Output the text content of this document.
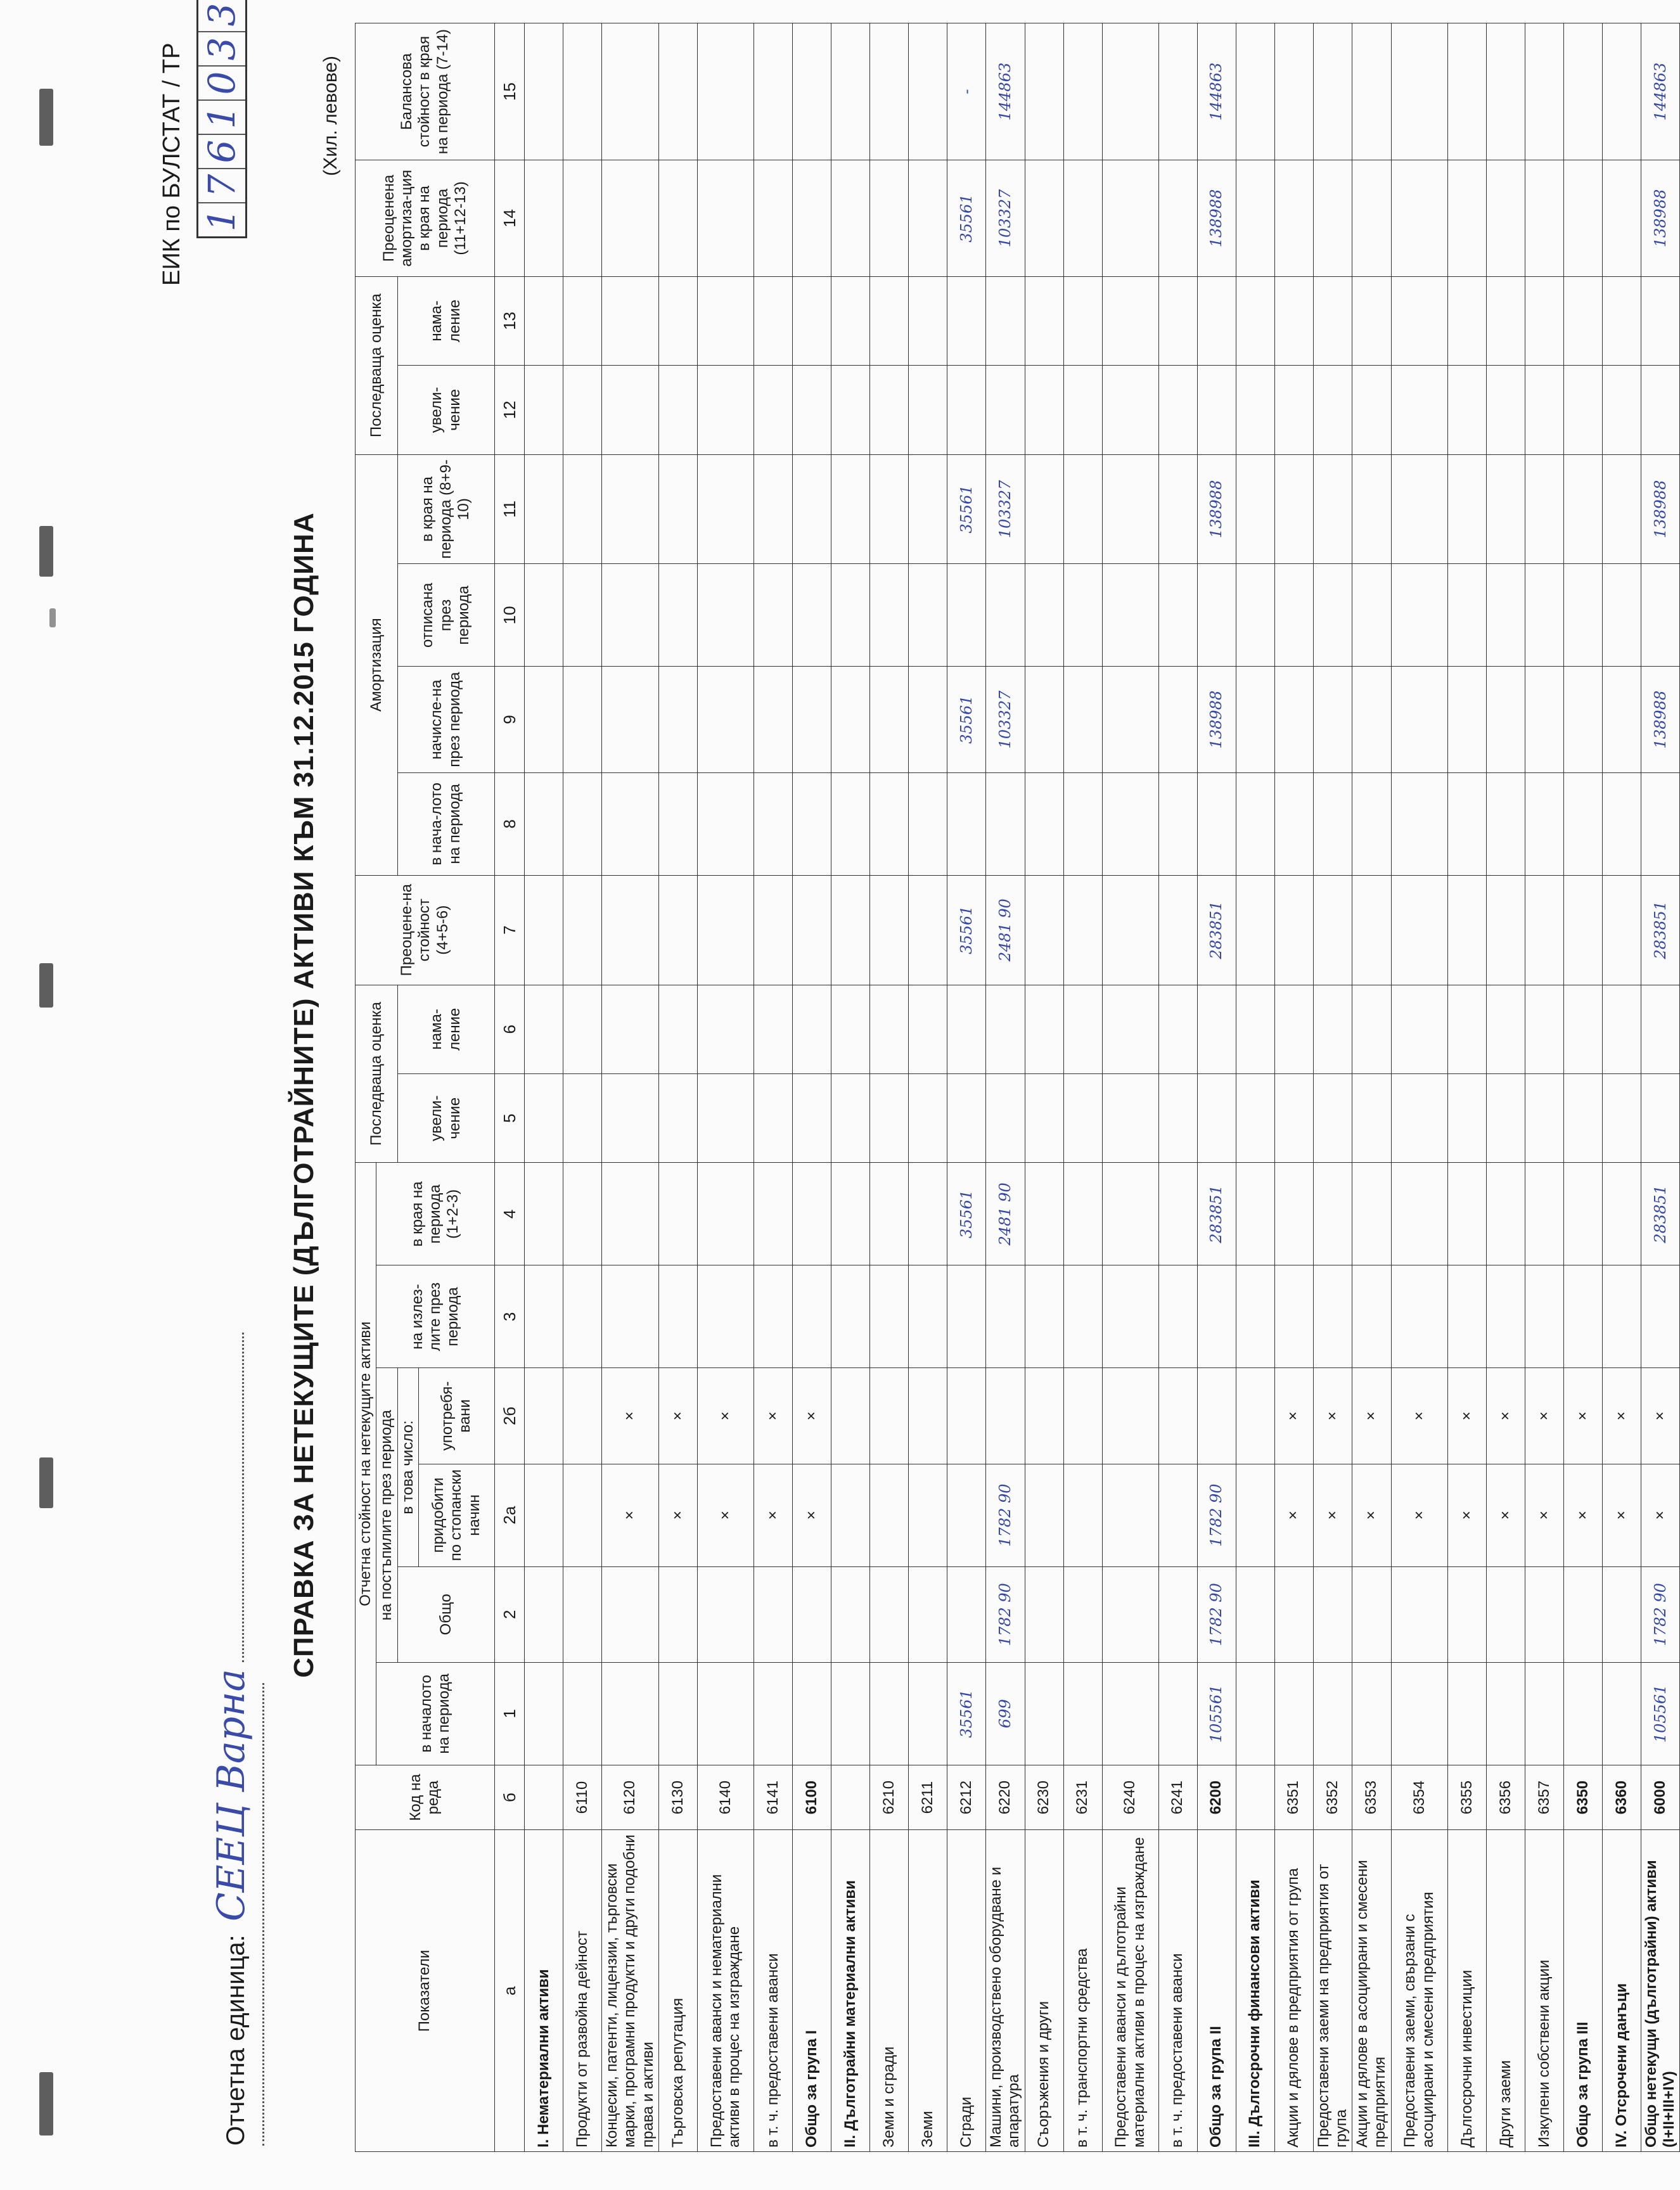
Отчетна единица: СЕЕЦ Варна
ЕИК по БУЛСТАТ / ТР 1
7
6
1
0
3
3
СПРАВКА ЗА НЕТЕКУЩИТЕ (ДЪЛГОТРАЙНИТЕ) АКТИВИ КЪМ 31.12.2015 ГОДИНА
(Хил. левове)
Показатели	Код на реда	Отчетна стойност на нетекущите активи						Последваща оценка		Преоцене-на стойност (4+5-6)	Амортизация				Последваща оценка		Преоценена амортиза-ция в края на периода (11+12-13)	Балансова стойност в края на периода (7-14)
		в началото на периода	на постъпилите през периода			на излез-лите през периода	в края на периода (1+2-3)											
			Общо	в това число:				увели-чение	нама-ление		в нача-лото на периода	начисле-на през периода	отписана през периода	в края на периода (8+9-10)	увели-чение	нама-ление		
				придобити по стопански начин	употребя-вани													
а	б	1	2	2а	2б	3	4	5	6	7	8	9	10	11	12	13	14	15
I. Нематериални активи																		
Продукти от развойна дейност	6110																	
Концесии, патенти, лицензии, търговски марки, програмни продукти и други подобни права и активи	6120			×	×													
Търговска репутация	6130			×	×													
Предоставени аванси и нематериални активи в процес на изграждане	6140			×	×													
в т. ч. предоставени аванси	6141			×	×													
Общо за група I	6100			×	×													
II. Дълготрайни материални активи																		
Земи и сгради	6210																	
Земи	6211																	
Сгради	6212	35561					35561			35561		35561		35561			35561	-
Машини, производствено оборудване и апаратура	6220	699	1782 90	1782 90			2481 90			2481 90		103327		103327			103327	144863
Съоръжения и други	6230																	
в т. ч. транспортни средства	6231																	
Предоставени аванси и дълготрайни материални активи в процес на изграждане	6240																	
в т. ч. предоставени аванси	6241																	
Общо за група II	6200	105561	1782 90	1782 90			283851			283851		138988		138988			138988	144863
III. Дългосрочни финансови активи																		
Акции и дялове в предприятия от група	6351			×	×													
Предоставени заеми на предприятия от група	6352			×	×													
Акции и дялове в асоциирани и смесени предприятия	6353			×	×													
Предоставени заеми, свързани с асоциирани и смесени предприятия	6354			×	×													
Дългосрочни инвестиции	6355			×	×													
Други заеми	6356			×	×													
Изкупени собствени акции	6357			×	×													
Общо за група III	6350			×	×													
IV. Отсрочени данъци	6360			×	×													
Общо нетекущи (дълготрайни) активи (I+II+III+IV)	6000	105561	1782 90	×	×		283851			283851		138988		138988			138988	144863
